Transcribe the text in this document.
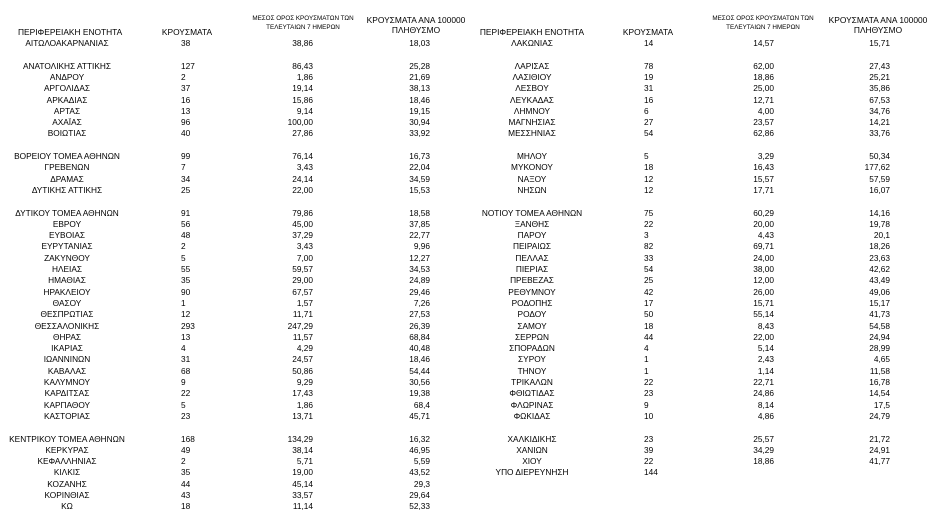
ΠΕΡΙΦΕΡΕΙΑΚΗ ΕΝΟΤΗΤΑ	ΚΡΟΥΣΜΑΤΑ
ΜΕΣΟΣ ΟΡΟΣ ΚΡΟΥΣΜΑΤΩΝ ΤΩΝ
ΤΕΛΕΥΤΑΙΩΝ 7 ΗΜΕΡΩΝ
ΚΡΟΥΣΜΑΤΑ ΑΝΑ 100000
ΠΛΗΘΥΣΜΟ	ΠΕΡΙΦΕΡΕΙΑΚΗ ΕΝΟΤΗΤΑ	ΚΡΟΥΣΜΑΤΑ
ΜΕΣΟΣ ΟΡΟΣ ΚΡΟΥΣΜΑΤΩΝ ΤΩΝ
ΤΕΛΕΥΤΑΙΩΝ 7 ΗΜΕΡΩΝ
ΚΡΟΥΣΜΑΤΑ ΑΝΑ 100000
ΠΛΗΘΥΣΜΟ
ΑΙΤΩΛΟΑΚΑΡΝΑΝΙΑΣ	38	38,86	18,03
ΑΝΑΤΟΛΙΚΗΣ ΑΤΤΙΚΗΣ	127	86,43	25,28
ΑΝΔΡΟΥ	2	1,86	21,69
ΑΡΓΟΛΙΔΑΣ	37	19,14	38,13
ΑΡΚΑΔΙΑΣ	16	15,86	18,46
ΑΡΤΑΣ	13	9,14	19,15
ΑΧΑΪΑΣ	96	100,00	30,94
ΒΟΙΩΤΙΑΣ	40	27,86	33,92
ΒΟΡΕΙΟΥ ΤΟΜΕΑ ΑΘΗΝΩΝ	99	76,14	16,73
ΓΡΕΒΕΝΩΝ	7	3,43	22,04
ΔΡΑΜΑΣ	34	24,14	34,59
ΔΥΤΙΚΗΣ ΑΤΤΙΚΗΣ	25	22,00	15,53
ΔΥΤΙΚΟΥ ΤΟΜΕΑ ΑΘΗΝΩΝ	91	79,86	18,58
ΕΒΡΟΥ	56	45,00	37,85
ΕΥΒΟΙΑΣ	48	37,29	22,77
ΕΥΡΥΤΑΝΙΑΣ	2	3,43	9,96
ΖΑΚΥΝΘΟΥ	5	7,00	12,27
ΗΛΕΙΑΣ	55	59,57	34,53
ΗΜΑΘΙΑΣ	35	29,00	24,89
ΗΡΑΚΛΕΙΟΥ	90	67,57	29,46
ΘΑΣΟΥ	1	1,57	7,26
ΘΕΣΠΡΩΤΙΑΣ	12	11,71	27,53
ΘΕΣΣΑΛΟΝΙΚΗΣ	293	247,29	26,39
ΘΗΡΑΣ	13	11,57	68,84
ΙΚΑΡΙΑΣ	4	4,29	40,48
ΙΩΑΝΝΙΝΩΝ	31	24,57	18,46
ΚΑΒΑΛΑΣ	68	50,86	54,44
ΚΑΛΥΜΝΟΥ	9	9,29	30,56
ΚΑΡΔΙΤΣΑΣ	22	17,43	19,38
ΚΑΡΠΑΘΟΥ	5	1,86	68,4
ΚΑΣΤΟΡΙΑΣ	23	13,71	45,71
ΚΕΝΤΡΙΚΟΥ ΤΟΜΕΑ ΑΘΗΝΩΝ	168	134,29	16,32
ΚΕΡΚΥΡΑΣ	49	38,14	46,95
ΚΕΦΑΛΛΗΝΙΑΣ	2	5,71	5,59
ΚΙΛΚΙΣ	35	19,00	43,52
ΚΟΖΑΝΗΣ	44	45,14	29,3
ΚΟΡΙΝΘΙΑΣ	43	33,57	29,64
ΚΩ	18	11,14	52,33
ΛΑΚΩΝΙΑΣ	14	14,57	15,71
ΛΑΡΙΣΑΣ	78	62,00	27,43
ΛΑΣΙΘΙΟΥ	19	18,86	25,21
ΛΕΣΒΟΥ	31	25,00	35,86
ΛΕΥΚΑΔΑΣ	16	12,71	67,53
ΛΗΜΝΟΥ	6	4,00	34,76
ΜΑΓΝΗΣΙΑΣ	27	23,57	14,21
ΜΕΣΣΗΝΙΑΣ	54	62,86	33,76
ΜΗΛΟΥ	5	3,29	50,34
ΜΥΚΟΝΟΥ	18	16,43	177,62
ΝΑΞΟΥ	12	15,57	57,59
ΝΗΣΩΝ	12	17,71	16,07
ΝΟΤΙΟΥ ΤΟΜΕΑ ΑΘΗΝΩΝ	75	60,29	14,16
ΞΑΝΘΗΣ	22	20,00	19,78
ΠΑΡΟΥ	3	4,43	20,1
ΠΕΙΡΑΙΩΣ	82	69,71	18,26
ΠΕΛΛΑΣ	33	24,00	23,63
ΠΙΕΡΙΑΣ	54	38,00	42,62
ΠΡΕΒΕΖΑΣ	25	12,00	43,49
ΡΕΘΥΜΝΟΥ	42	26,00	49,06
ΡΟΔΟΠΗΣ	17	15,71	15,17
ΡΟΔΟΥ	50	55,14	41,73
ΣΑΜΟΥ	18	8,43	54,58
ΣΕΡΡΩΝ	44	22,00	24,94
ΣΠΟΡΑΔΩΝ	4	5,14	28,99
ΣΥΡΟΥ	1	2,43	4,65
ΤΗΝΟΥ	1	1,14	11,58
ΤΡΙΚΑΛΩΝ	22	22,71	16,78
ΦΘΙΩΤΙΔΑΣ	23	24,86	14,54
ΦΛΩΡΙΝΑΣ	9	8,14	17,5
ΦΩΚΙΔΑΣ	10	4,86	24,79
ΧΑΛΚΙΔΙΚΗΣ	23	25,57	21,72
ΧΑΝΙΩΝ	39	34,29	24,91
ΧΙΟΥ	22	18,86	41,77
ΥΠΟ ΔΙΕΡΕΥΝΗΣΗ	144
